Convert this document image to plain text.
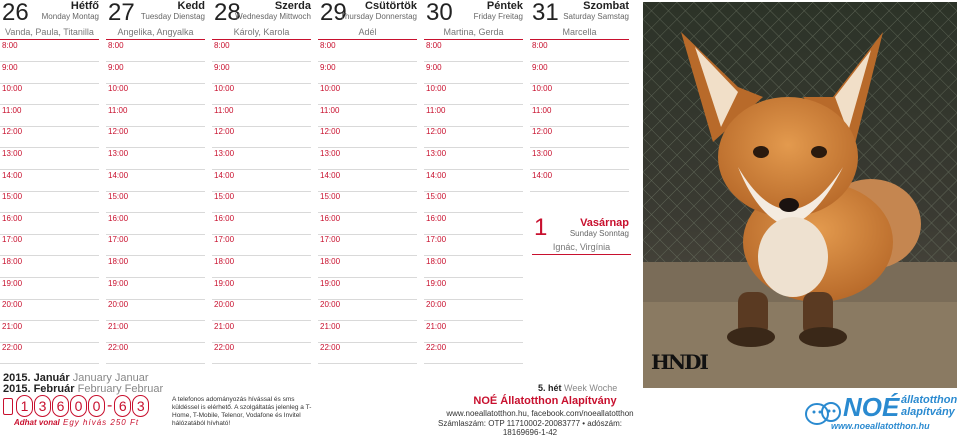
26	Hétfő
Monday Montag
Vanda, Paula, Titanilla
8:00
9:00
10:00
11:00
12:00
13:00
14:00
15:00
16:00
17:00
18:00
19:00
20:00
21:00
22:00
27	Kedd
Tuesday Dienstag
Angelika, Angyalka
8:00
9:00
10:00
11:00
12:00
13:00
14:00
15:00
16:00
17:00
18:00
19:00
20:00
21:00
22:00
28	Szerda
Wednesday Mittwoch
Károly, Karola
8:00
9:00
10:00
11:00
12:00
13:00
14:00
15:00
16:00
17:00
18:00
19:00
20:00
21:00
22:00
29 Csütörtök
Thursday Donnerstag
Adél
8:00
9:00
10:00
11:00
12:00
13:00
14:00
15:00
16:00
17:00
18:00
19:00
20:00
21:00
22:00
30	Péntek
Friday Freitag
Martina, Gerda
8:00
9:00
10:00
11:00
12:00
13:00
14:00
15:00
16:00
17:00
18:00
19:00
20:00
21:00
22:00
31 Szombat
Saturday Samstag
Marcella
8:00
9:00
10:00
11:00
12:00
13:00
14:00
HNDI
1	Vasárnap
Sunday Sonntag
Ignác, Virgínia
2015. Január January Januar
2015. Február February Februar
1 3 6 0 0 - 6 3
Adhat vonal Egy hívás 250 Ft
A telefonos adományozás hívással és sms küldéssel is elérhető. A szolgáltatás jelenleg a T-Home, T-Mobile, Telenor, Vodafone és Invitel hálózatából hívható!
5. hét Week Woche
NOÉ Állatotthon Alapítvány
www.noeallatotthon.hu, facebook.com/noeallatotthon
Számlaszám: OTP 11710002-20083777 • adószám: 18169696-1-42
NOÉ állatotthon
alapítvány
www.noeallatotthon.hu
